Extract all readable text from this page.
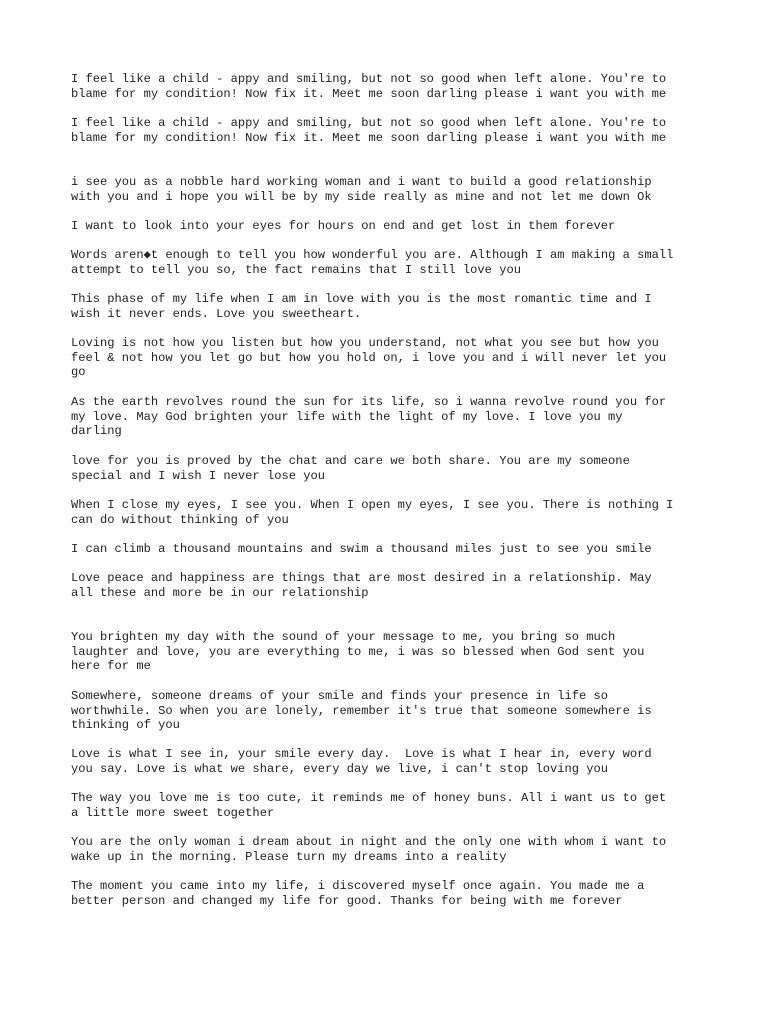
I feel like a child - appy and smiling, but not so good when left alone. You're to
blame for my condition! Now fix it. Meet me soon darling please i want you with me

I feel like a child - appy and smiling, but not so good when left alone. You're to
blame for my condition! Now fix it. Meet me soon darling please i want you with me

i see you as a nobble hard working woman and i want to build a good relationship
with you and i hope you will be by my side really as mine and not let me down Ok

I want to look into your eyes for hours on end and get lost in them forever

Words aren◆t enough to tell you how wonderful you are. Although I am making a small
attempt to tell you so, the fact remains that I still love you

This phase of my life when I am in love with you is the most romantic time and I
wish it never ends. Love you sweetheart.

Loving is not how you listen but how you understand, not what you see but how you
feel & not how you let go but how you hold on, i love you and i will never let you
go

As the earth revolves round the sun for its life, so i wanna revolve round you for
my love. May God brighten your life with the light of my love. I love you my
darling

love for you is proved by the chat and care we both share. You are my someone
special and I wish I never lose you

When I close my eyes, I see you. When I open my eyes, I see you. There is nothing I
can do without thinking of you

I can climb a thousand mountains and swim a thousand miles just to see you smile

Love peace and happiness are things that are most desired in a relationship. May
all these and more be in our relationship

You brighten my day with the sound of your message to me, you bring so much
laughter and love, you are everything to me, i was so blessed when God sent you
here for me

Somewhere, someone dreams of your smile and finds your presence in life so
worthwhile. So when you are lonely, remember it's true that someone somewhere is
thinking of you

Love is what I see in, your smile every day.  Love is what I hear in, every word
you say. Love is what we share, every day we live, i can't stop loving you

The way you love me is too cute, it reminds me of honey buns. All i want us to get
a little more sweet together

You are the only woman i dream about in night and the only one with whom i want to
wake up in the morning. Please turn my dreams into a reality

The moment you came into my life, i discovered myself once again. You made me a
better person and changed my life for good. Thanks for being with me forever
